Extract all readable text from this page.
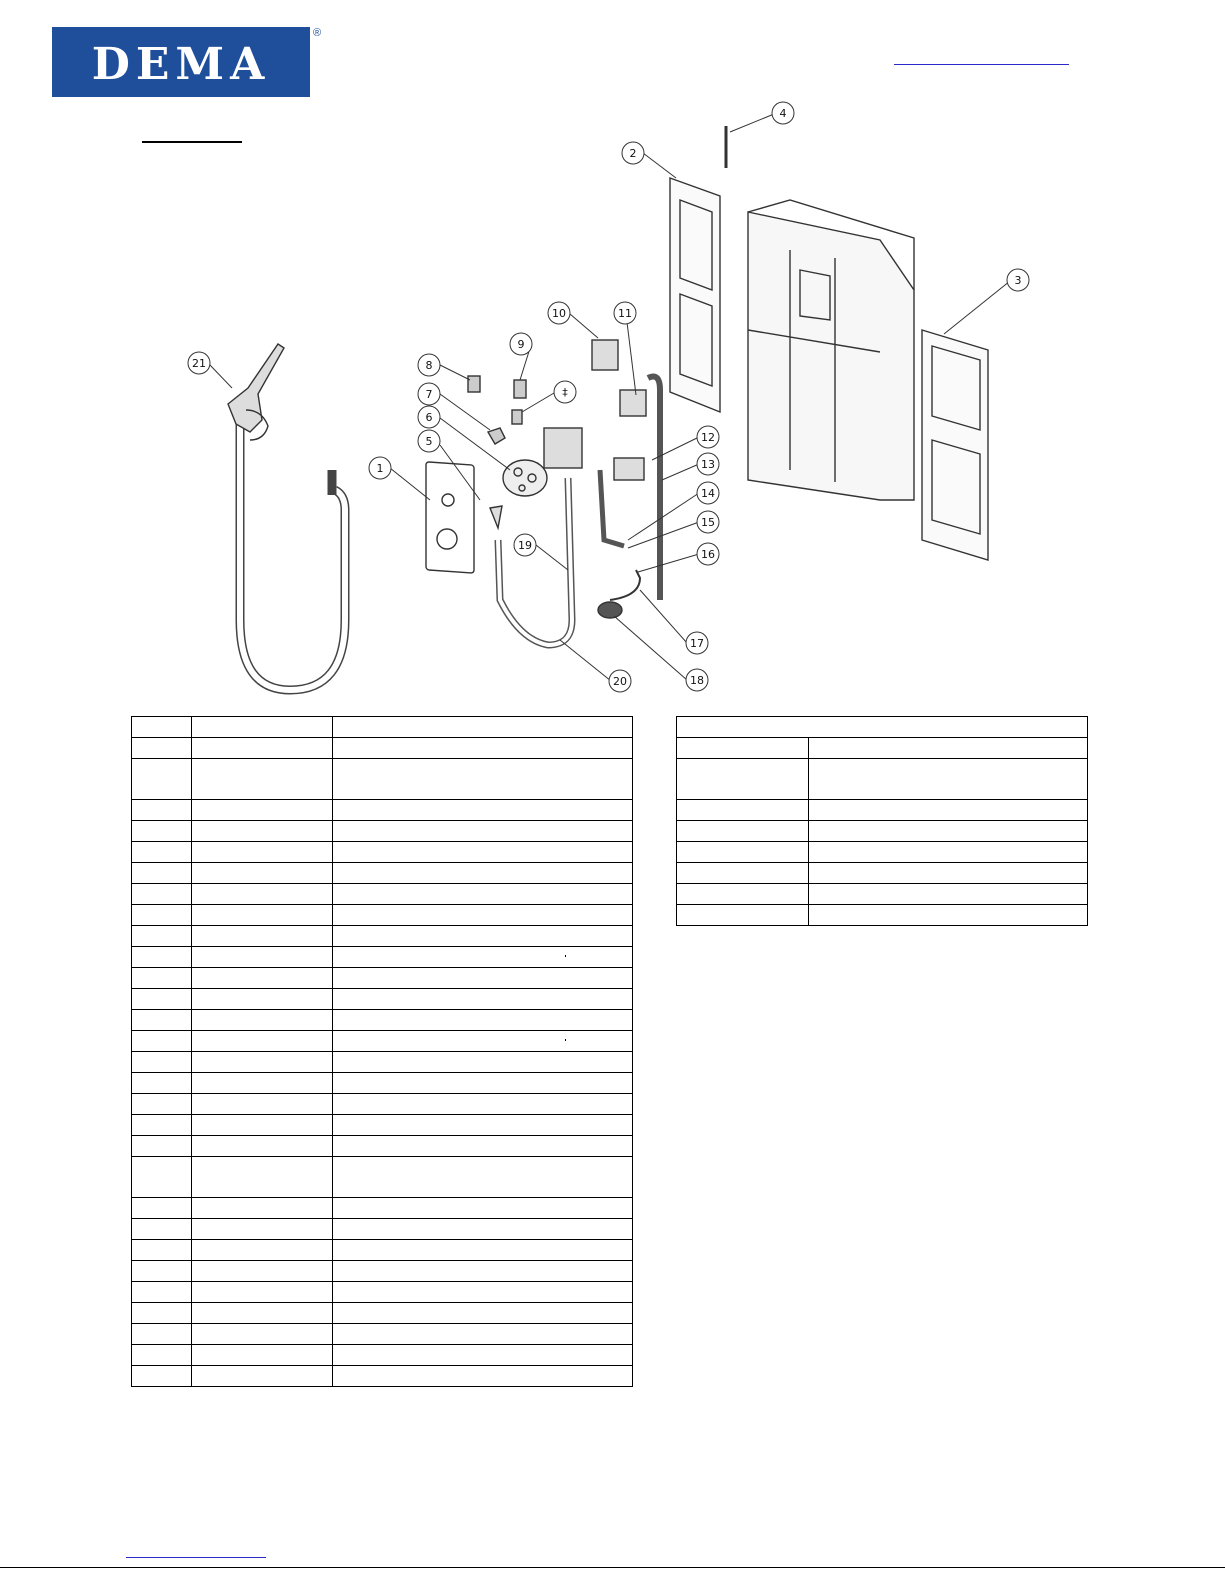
DEMA
®
21
1
5
6
7
8
9
‡
10	11
2
4
3
12
13
14
15
16
17
18
19
20
